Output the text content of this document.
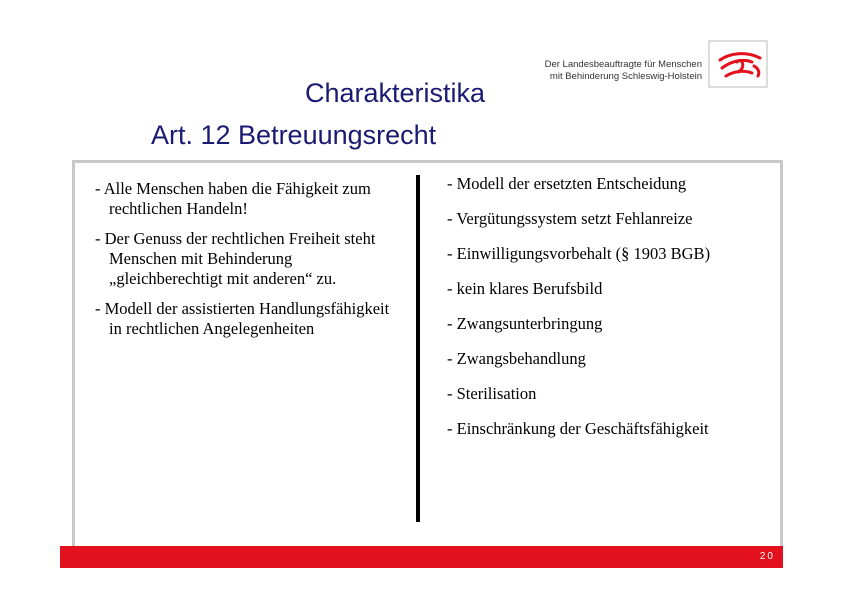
Der Landesbeauftragte für Menschen
mit Behinderung Schleswig-Holstein
Charakteristika
Art. 12 Betreuungsrecht
- Alle Menschen haben die Fähigkeit zum rechtlichen Handeln!
- Der Genuss der rechtlichen Freiheit steht Menschen mit Behinderung „gleichberechtigt mit anderen“ zu.
- Modell der assistierten Handlungsfähigkeit in rechtlichen Angelegenheiten
- Modell der ersetzten Entscheidung
- Vergütungssystem setzt Fehlanreize
- Einwilligungsvorbehalt (§ 1903 BGB)
- kein klares Berufsbild
- Zwangsunterbringung
- Zwangsbehandlung
- Sterilisation
- Einschränkung der Geschäftsfähigkeit
20
